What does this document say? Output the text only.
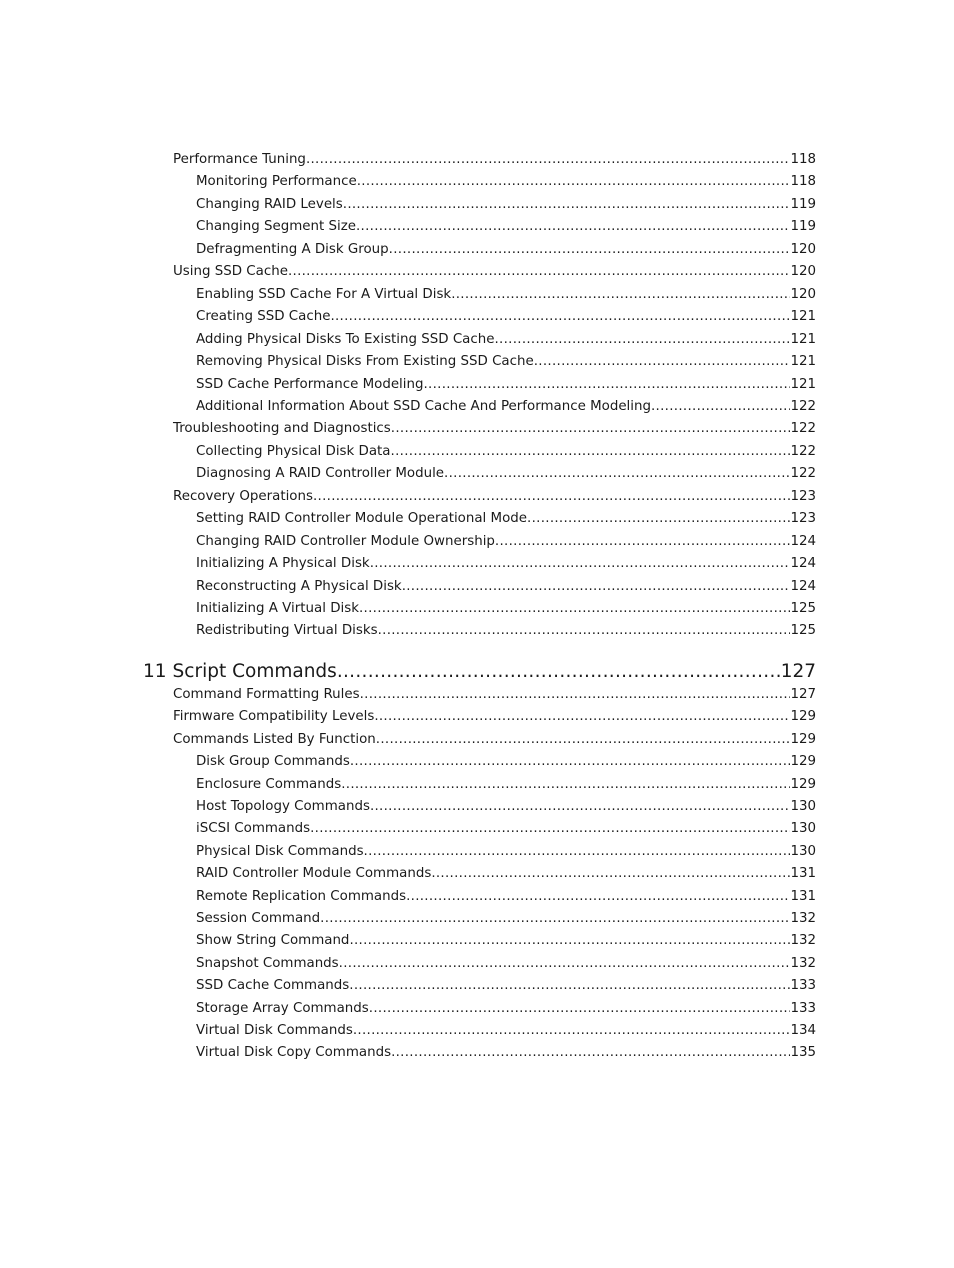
Performance Tuning .....	118
Monitoring Performance .....	118
Changing RAID Levels .....	119
Changing Segment Size .....	119
Defragmenting A Disk Group .....	120
Using SSD Cache .....	120
Enabling SSD Cache For A Virtual Disk .....	120
Creating SSD Cache .....	121
Adding Physical Disks To Existing SSD Cache .....	121
Removing Physical Disks From Existing SSD Cache .....	121
SSD Cache Performance Modeling .....	121
Additional Information About SSD Cache And Performance Modeling .....	122
Troubleshooting and Diagnostics .....	122
Collecting Physical Disk Data .....	122
Diagnosing A RAID Controller Module .....	122
Recovery Operations .....	123
Setting RAID Controller Module Operational Mode .....	123
Changing RAID Controller Module Ownership .....	124
Initializing A Physical Disk .....	124
Reconstructing A Physical Disk .....	124
Initializing A Virtual Disk .....	125
Redistributing Virtual Disks .....	125
11 Script Commands .....	127
Command Formatting Rules .....	127
Firmware Compatibility Levels .....	129
Commands Listed By Function .....	129
Disk Group Commands .....	129
Enclosure Commands .....	129
Host Topology Commands .....	130
iSCSI Commands .....	130
Physical Disk Commands .....	130
RAID Controller Module Commands .....	131
Remote Replication Commands .....	131
Session Command .....	132
Show String Command .....	132
Snapshot Commands .....	132
SSD Cache Commands .....	133
Storage Array Commands .....	133
Virtual Disk Commands .....	134
Virtual Disk Copy Commands .....	135
